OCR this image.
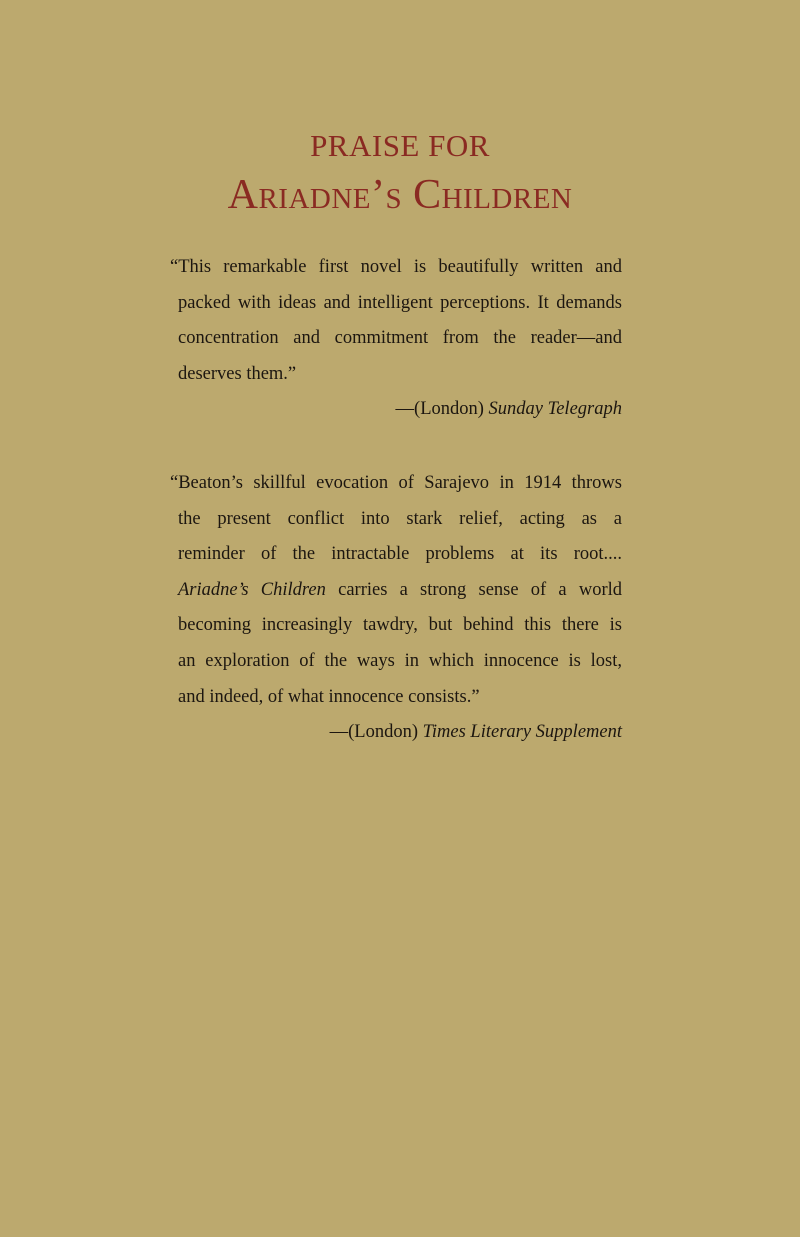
PRAISE FOR
Ariadne’s Children
“This remarkable first novel is beautifully written and
packed with ideas and intelligent perceptions. It demands
concentration and commitment from the reader—and
deserves them.”
—(London) Sunday Telegraph
“Beaton’s skillful evocation of Sarajevo in 1914 throws
the present conflict into stark relief, acting as a
reminder of the intractable problems at its root....
Ariadne’s Children carries a strong sense of a world
becoming increasingly tawdry, but behind this there is
an exploration of the ways in which innocence is lost,
and indeed, of what innocence consists.”
—(London) Times Literary Supplement
